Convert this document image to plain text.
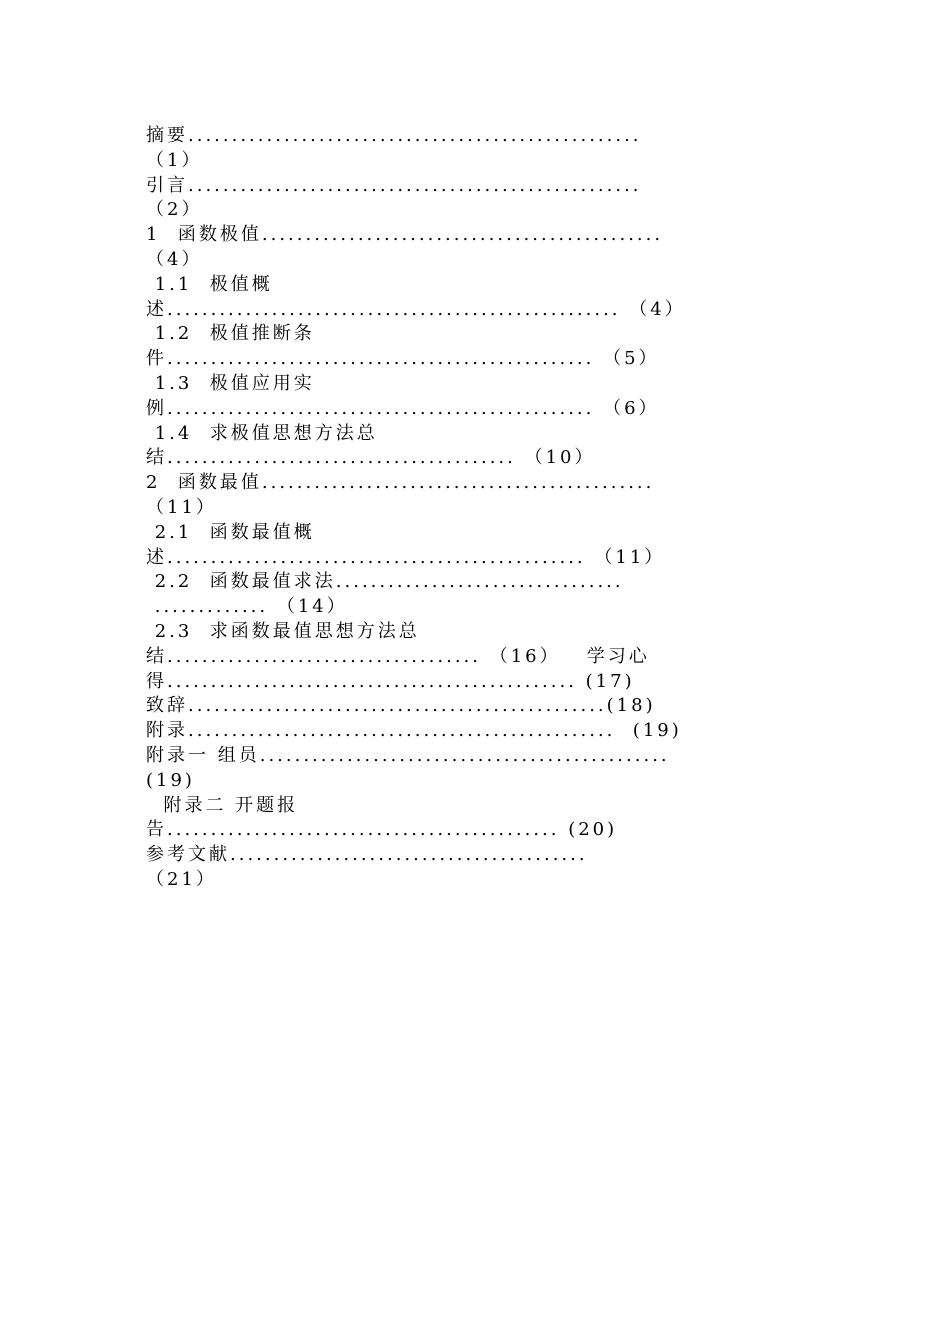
摘要....................................................
（1）
引言....................................................
（2）
1  函数极值..............................................
（4）
1.1  极值概
述.................................................... （4）
1.2  极值推断条
件................................................. （5）
1.3  极值应用实
例................................................. （6）
1.4  求极值思想方法总
结........................................ （10）
2  函数最值.............................................
（11）
2.1  函数最值概
述................................................ （11）
2.2  函数最值求法.................................
............. （14）
2.3  求函数最值思想方法总
结.................................... （16）   学习心
得............................................... (17)
致辞................................................(18)
附录.................................................  (19)
附录一 组员...............................................
(19)
附录二 开题报
告............................................. (20)
参考文献.........................................
（21）
